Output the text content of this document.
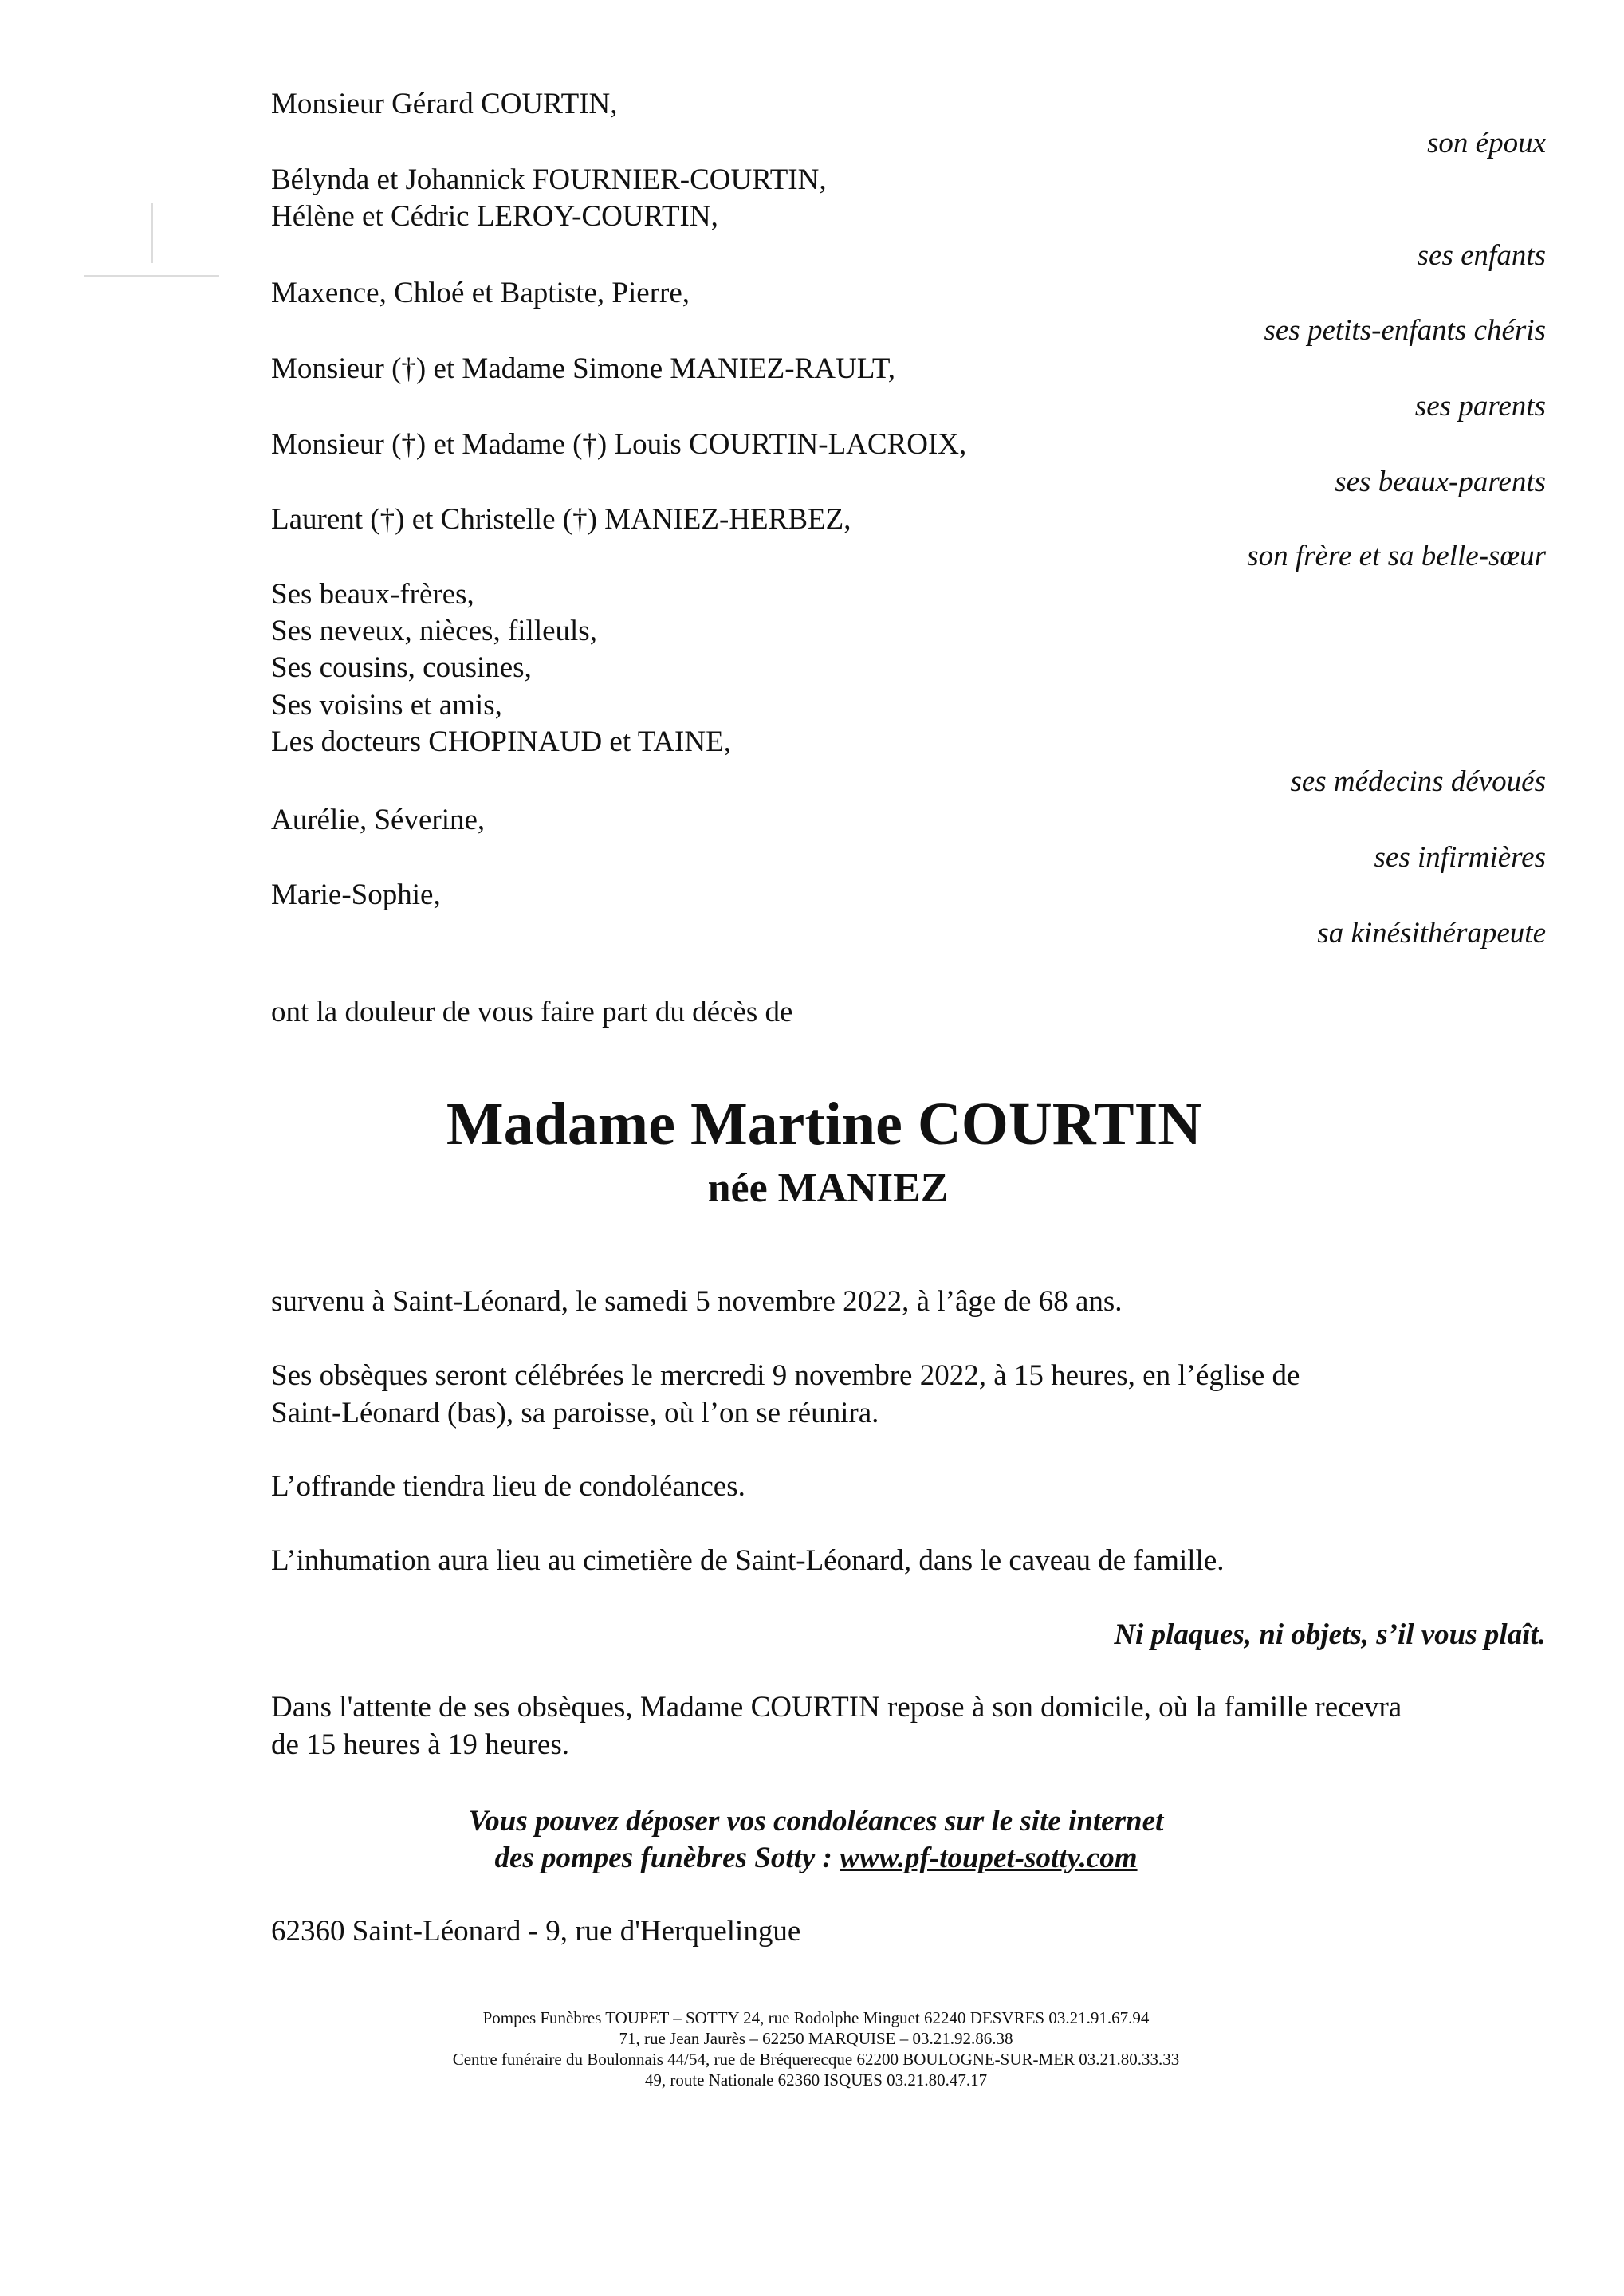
Monsieur Gérard COURTIN,
son époux
Bélynda et Johannick FOURNIER-COURTIN,
Hélène et Cédric LEROY-COURTIN,
ses enfants
Maxence, Chloé et Baptiste, Pierre,
ses petits-enfants chéris
Monsieur (†) et Madame Simone MANIEZ-RAULT,
ses parents
Monsieur (†) et Madame (†) Louis COURTIN-LACROIX,
ses beaux-parents
Laurent (†) et Christelle (†) MANIEZ-HERBEZ,
son frère et sa belle-sœur
Ses beaux-frères,
Ses neveux, nièces, filleuls,
Ses cousins, cousines,
Ses voisins et amis,
Les docteurs CHOPINAUD et TAINE,
ses médecins dévoués
Aurélie, Séverine,
ses infirmières
Marie-Sophie,
sa kinésithérapeute
ont la douleur de vous faire part du décès de
Madame Martine COURTIN
née MANIEZ
survenu à Saint-Léonard, le samedi 5 novembre 2022, à l’âge de 68 ans.
Ses obsèques seront célébrées le mercredi 9 novembre 2022, à 15 heures, en l’église de
Saint-Léonard (bas), sa paroisse, où l’on se réunira.
L’offrande tiendra lieu de condoléances.
L’inhumation aura lieu au cimetière de Saint-Léonard, dans le caveau de famille.
Ni plaques, ni objets, s’il vous plaît.
Dans l'attente de ses obsèques, Madame COURTIN repose à son domicile, où la famille recevra
de 15 heures à 19 heures.
Vous pouvez déposer vos condoléances sur le site internet
des pompes funèbres Sotty : www.pf-toupet-sotty.com
62360 Saint-Léonard - 9, rue d'Herquelingue
Pompes Funèbres TOUPET – SOTTY 24, rue Rodolphe Minguet 62240 DESVRES 03.21.91.67.94
71, rue Jean Jaurès – 62250 MARQUISE – 03.21.92.86.38
Centre funéraire du Boulonnais 44/54, rue de Bréquerecque 62200 BOULOGNE-SUR-MER 03.21.80.33.33
49, route Nationale 62360 ISQUES 03.21.80.47.17
